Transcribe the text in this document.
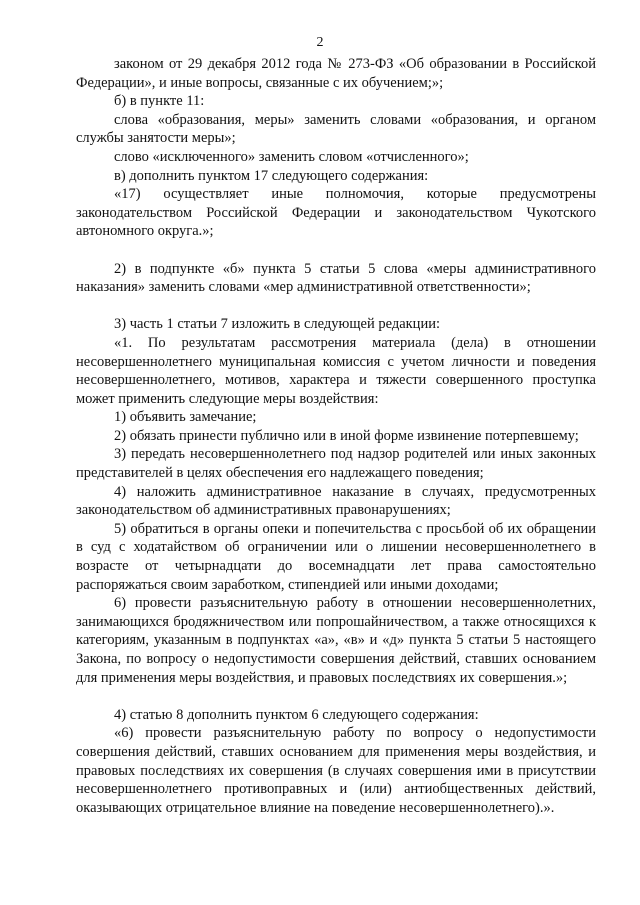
2

законом от 29 декабря 2012 года № 273-ФЗ «Об образовании в Российской Федерации», и иные вопросы, связанные с их обучением;»;

б) в пункте 11:

слова «образования, меры» заменить словами «образования, и органом службы занятости меры»;

слово «исключенного» заменить словом «отчисленного»;

в) дополнить пунктом 17 следующего содержания:

«17) осуществляет иные полномочия, которые предусмотрены законодательством Российской Федерации и законодательством Чукотского автономного округа.»;

2) в подпункте «б» пункта 5 статьи 5 слова «меры административного наказания» заменить словами «мер административной ответственности»;

3) часть 1 статьи 7 изложить в следующей редакции:

«1. По результатам рассмотрения материала (дела) в отношении несовершеннолетнего муниципальная комиссия с учетом личности и поведения несовершеннолетнего, мотивов, характера и тяжести совершенного проступка может применить следующие меры воздействия:

1) объявить замечание;

2) обязать принести публично или в иной форме извинение потерпевшему;

3) передать несовершеннолетнего под надзор родителей или иных законных представителей в целях обеспечения его надлежащего поведения;

4) наложить административное наказание в случаях, предусмотренных законодательством об административных правонарушениях;

5) обратиться в органы опеки и попечительства с просьбой об их обращении в суд с ходатайством об ограничении или о лишении несовершеннолетнего в возрасте от четырнадцати до восемнадцати лет права самостоятельно распоряжаться своим заработком, стипендией или иными доходами;

6) провести разъяснительную работу в отношении несовершеннолетних, занимающихся бродяжничеством или попрошайничеством, а также относящихся к категориям, указанным в подпунктах «а», «в» и «д» пункта 5 статьи 5 настоящего Закона, по вопросу о недопустимости совершения действий, ставших основанием для применения меры воздействия, и правовых последствиях их совершения.»;

4) статью 8 дополнить пунктом 6 следующего содержания:

«6) провести разъяснительную работу по вопросу о недопустимости совершения действий, ставших основанием для применения меры воздействия, и правовых последствиях их совершения (в случаях совершения ими в присутствии несовершеннолетнего противоправных и (или) антиобщественных действий, оказывающих отрицательное влияние на поведение несовершеннолетнего).».
